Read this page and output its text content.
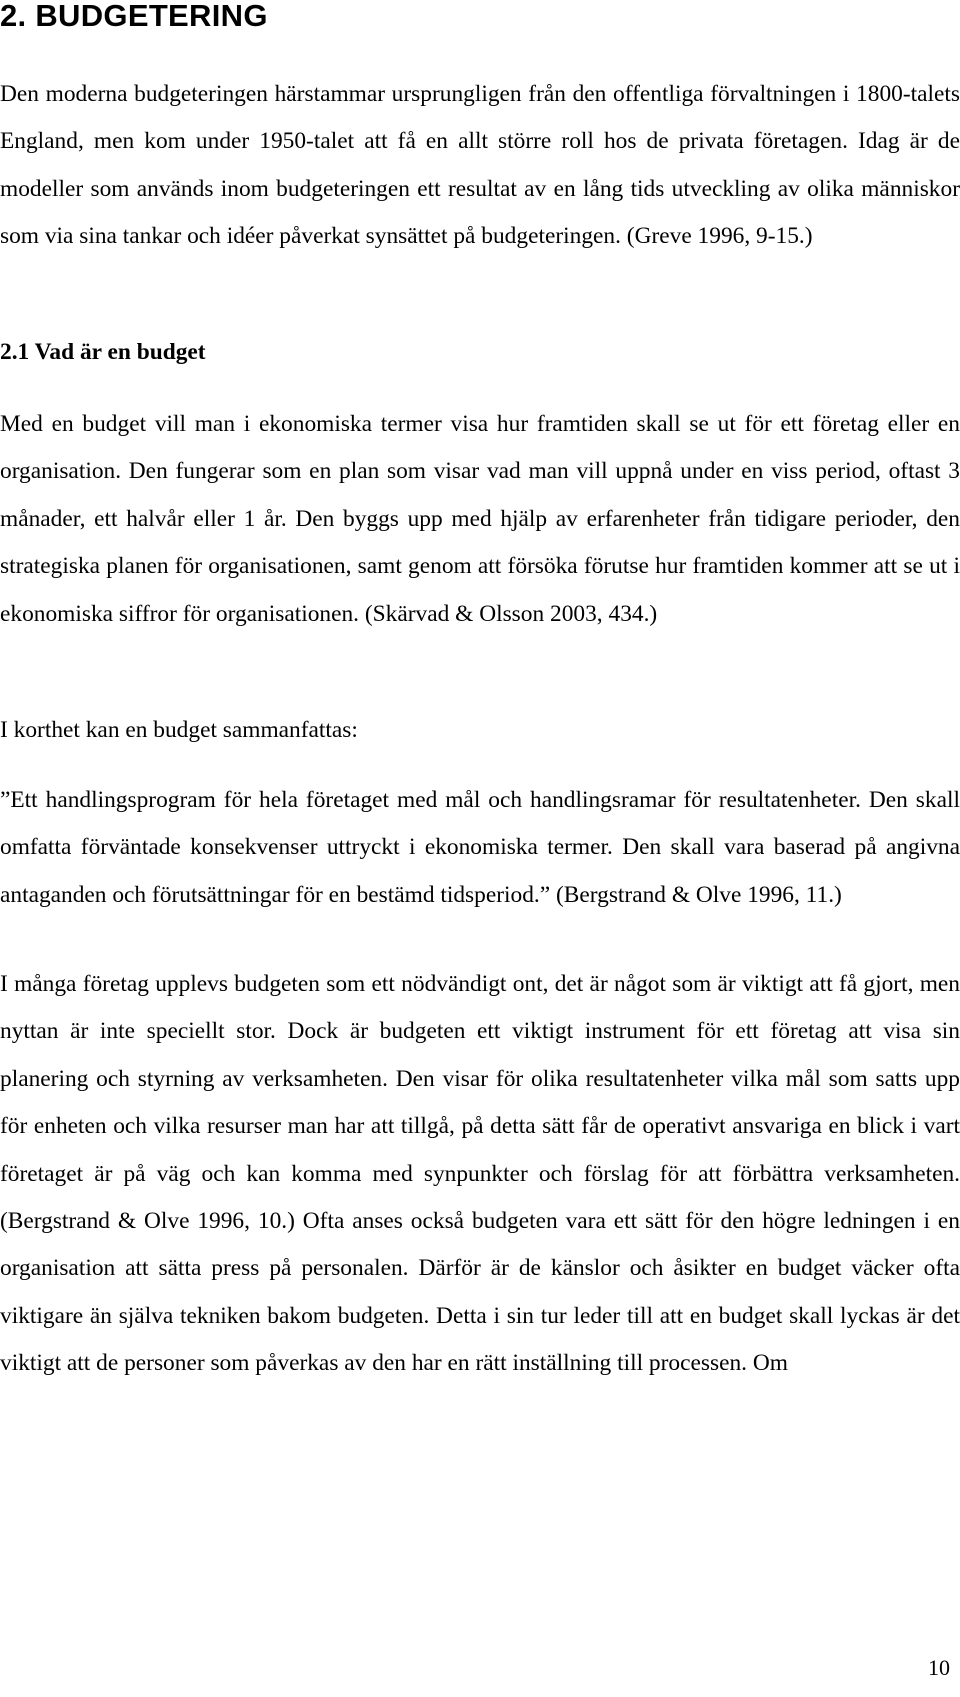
2. BUDGETERING

Den moderna budgeteringen härstammar ursprungligen från den offentliga förvaltningen i 1800-talets England, men kom under 1950-talet att få en allt större roll hos de privata företagen. Idag är de modeller som används inom budgeteringen ett resultat av en lång tids utveckling av olika människor som via sina tankar och idéer påverkat synsättet på budgeteringen. (Greve 1996, 9-15.)

2.1 Vad är en budget

Med en budget vill man i ekonomiska termer visa hur framtiden skall se ut för ett företag eller en organisation. Den fungerar som en plan som visar vad man vill uppnå under en viss period, oftast 3 månader, ett halvår eller 1 år. Den byggs upp med hjälp av erfarenheter från tidigare perioder, den strategiska planen för organisationen, samt genom att försöka förutse hur framtiden kommer att se ut i ekonomiska siffror för organisationen. (Skärvad & Olsson 2003, 434.)

I korthet kan en budget sammanfattas:

”Ett handlingsprogram för hela företaget med mål och handlingsramar för resultatenheter. Den skall omfatta förväntade konsekvenser uttryckt i ekonomiska termer. Den skall vara baserad på angivna antaganden och förutsättningar för en bestämd tidsperiod.” (Bergstrand & Olve 1996, 11.)

I många företag upplevs budgeten som ett nödvändigt ont, det är något som är viktigt att få gjort, men nyttan är inte speciellt stor. Dock är budgeten ett viktigt instrument för ett företag att visa sin planering och styrning av verksamheten. Den visar för olika resultatenheter vilka mål som satts upp för enheten och vilka resurser man har att tillgå, på detta sätt får de operativt ansvariga en blick i vart företaget är på väg och kan komma med synpunkter och förslag för att förbättra verksamheten. (Bergstrand & Olve 1996, 10.) Ofta anses också budgeten vara ett sätt för den högre ledningen i en organisation att sätta press på personalen. Därför är de känslor och åsikter en budget väcker ofta viktigare än själva tekniken bakom budgeten. Detta i sin tur leder till att en budget skall lyckas är det viktigt att de personer som påverkas av den har en rätt inställning till processen. Om

10
